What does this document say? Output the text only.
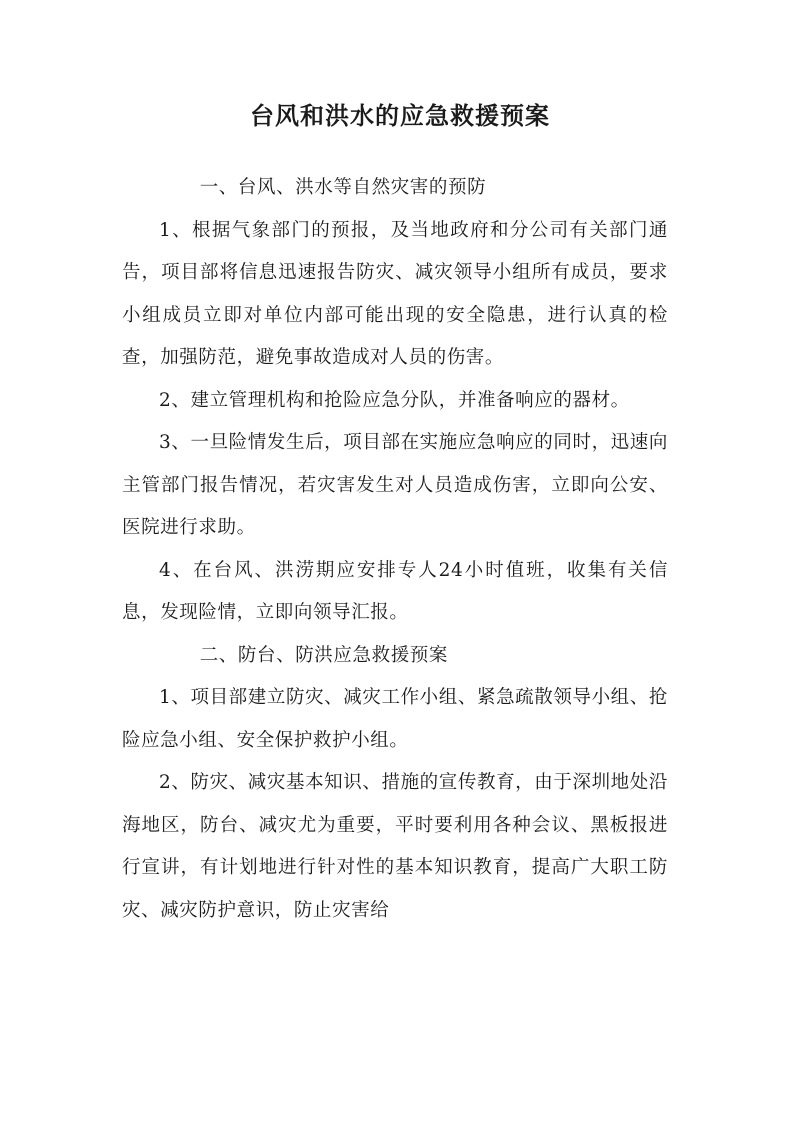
台风和洪水的应急救援预案

一、台风、洪水等自然灾害的预防

1、根据气象部门的预报，及当地政府和分公司有关部门通告，项目部将信息迅速报告防灾、减灾领导小组所有成员，要求小组成员立即对单位内部可能出现的安全隐患，进行认真的检查，加强防范，避免事故造成对人员的伤害。

2、建立管理机构和抢险应急分队，并准备响应的器材。

3、一旦险情发生后，项目部在实施应急响应的同时，迅速向主管部门报告情况，若灾害发生对人员造成伤害，立即向公安、医院进行求助。

4、在台风、洪涝期应安排专人24小时值班，收集有关信息，发现险情，立即向领导汇报。

二、防台、防洪应急救援预案

1、项目部建立防灾、减灾工作小组、紧急疏散领导小组、抢险应急小组、安全保护救护小组。

2、防灾、减灾基本知识、措施的宣传教育，由于深圳地处沿海地区，防台、减灾尤为重要，平时要利用各种会议、黑板报进行宣讲，有计划地进行针对性的基本知识教育，提高广大职工防灾、减灾防护意识，防止灾害给
